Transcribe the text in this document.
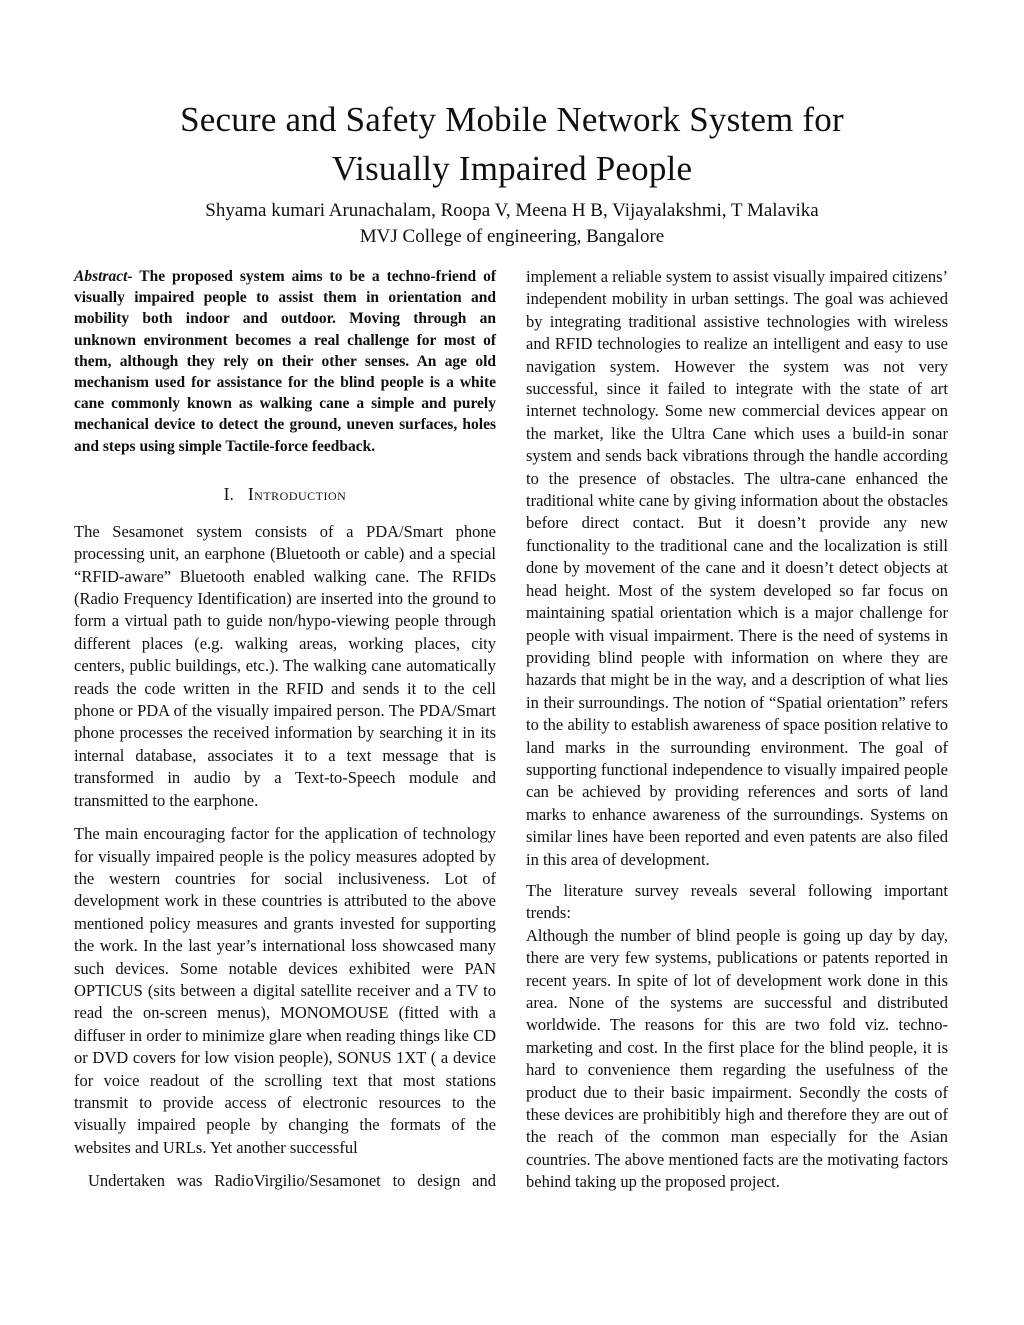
Secure and Safety Mobile Network System for
Visually Impaired People
Shyama kumari Arunachalam, Roopa V, Meena H B, Vijayalakshmi, T Malavika
MVJ College of engineering, Bangalore

Abstract- The proposed system aims to be a techno-friend of visually impaired people to assist them in orientation and mobility both indoor and outdoor. Moving through an unknown environment becomes a real challenge for most of them, although they rely on their other senses. An age old mechanism used for assistance for the blind people is a white cane commonly known as walking cane a simple and purely mechanical device to detect the ground, uneven surfaces, holes and steps using simple Tactile-force feedback.

I. Introduction

The Sesamonet system consists of a PDA/Smart phone processing unit, an earphone (Bluetooth or cable) and a special “RFID-aware” Bluetooth enabled walking cane. The RFIDs (Radio Frequency Identification) are inserted into the ground to form a virtual path to guide non/hypo-viewing people through different places (e.g. walking areas, working places, city centers, public buildings, etc.). The walking cane automatically reads the code written in the RFID and sends it to the cell phone or PDA of the visually impaired person. The PDA/Smart phone processes the received information by searching it in its internal database, associates it to a text message that is transformed in audio by a Text-to-Speech module and transmitted to the earphone.

The main encouraging factor for the application of technology for visually impaired people is the policy measures adopted by the western countries for social inclusiveness. Lot of development work in these countries is attributed to the above mentioned policy measures and grants invested for supporting the work. In the last year’s international loss showcased many such devices. Some notable devices exhibited were PAN OPTICUS (sits between a digital satellite receiver and a TV to read the on-screen menus), MONOMOUSE (fitted with a diffuser in order to minimize glare when reading things like CD or DVD covers for low vision people), SONUS 1XT ( a device for voice readout of the scrolling text that most stations transmit to provide access of electronic resources to the visually impaired people by changing the formats of the websites and URLs. Yet another successful

Undertaken was RadioVirgilio/Sesamonet to design and

implement a reliable system to assist visually impaired citizens’ independent mobility in urban settings. The goal was achieved by integrating traditional assistive technologies with wireless and RFID technologies to realize an intelligent and easy to use navigation system. However the system was not very successful, since it failed to integrate with the state of art internet technology. Some new commercial devices appear on the market, like the Ultra Cane which uses a build-in sonar system and sends back vibrations through the handle according to the presence of obstacles. The ultra-cane enhanced the traditional white cane by giving information about the obstacles before direct contact. But it doesn’t provide any new functionality to the traditional cane and the localization is still done by movement of the cane and it doesn’t detect objects at head height. Most of the system developed so far focus on maintaining spatial orientation which is a major challenge for people with visual impairment. There is the need of systems in providing blind people with information on where they are hazards that might be in the way, and a description of what lies in their surroundings. The notion of “Spatial orientation” refers to the ability to establish awareness of space position relative to land marks in the surrounding environment. The goal of supporting functional independence to visually impaired people can be achieved by providing references and sorts of land marks to enhance awareness of the surroundings. Systems on similar lines have been reported and even patents are also filed in this area of development.

The literature survey reveals several following important trends:

Although the number of blind people is going up day by day, there are very few systems, publications or patents reported in recent years. In spite of lot of development work done in this area. None of the systems are successful and distributed worldwide. The reasons for this are two fold viz. techno-marketing and cost. In the first place for the blind people, it is hard to convenience them regarding the usefulness of the product due to their basic impairment. Secondly the costs of these devices are prohibitibly high and therefore they are out of the reach of the common man especially for the Asian countries. The above mentioned facts are the motivating factors behind taking up the proposed project.
